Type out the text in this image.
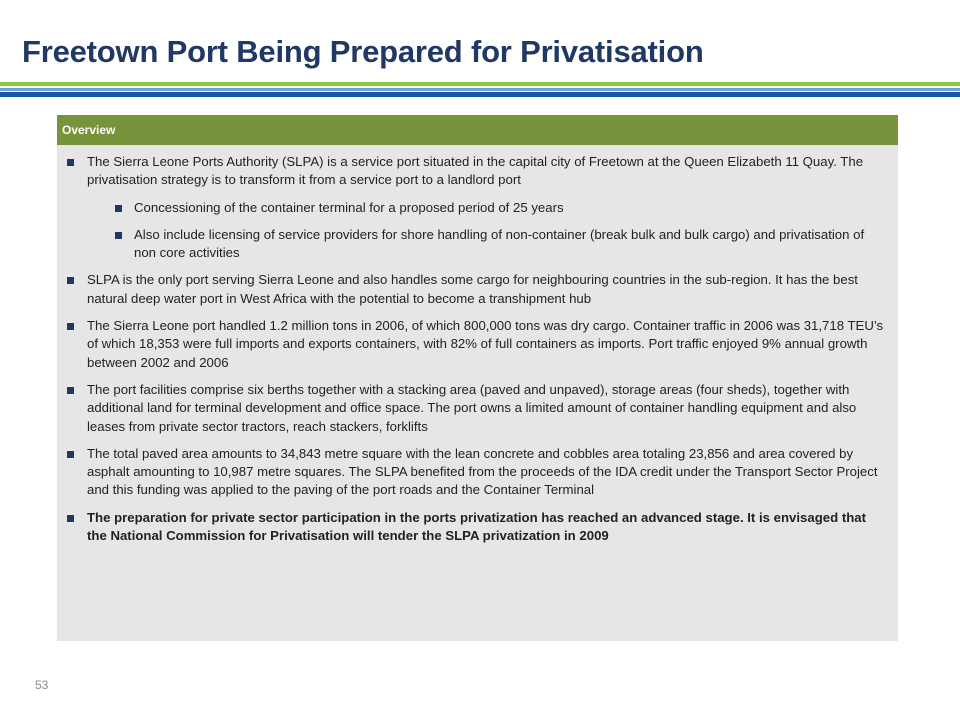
Freetown Port Being Prepared for Privatisation
Overview
The Sierra Leone Ports Authority (SLPA) is a service port situated in the capital city of Freetown at the Queen Elizabeth 11 Quay. The privatisation strategy is to transform it from a service port to a landlord port
Concessioning of the container terminal for a proposed period of 25 years
Also include licensing of service providers for shore handling of non-container (break bulk and bulk cargo) and privatisation of non core activities
SLPA is the only port serving Sierra Leone and also handles some cargo for neighbouring countries in the sub-region. It has the best natural deep water port in West Africa with the potential to become a transhipment hub
The Sierra Leone port handled 1.2 million tons in 2006, of which 800,000 tons was dry cargo. Container traffic in 2006 was 31,718 TEU’s of which 18,353 were full imports and exports containers, with 82% of full containers as imports. Port traffic enjoyed 9% annual growth between 2002 and 2006
The port facilities comprise six berths together with a stacking area (paved and unpaved), storage areas (four sheds), together with additional land for terminal development and office space. The port owns a limited amount of container handling equipment and also leases from private sector tractors, reach stackers, forklifts
The total paved area amounts to 34,843 metre square with the lean concrete and cobbles area totaling 23,856 and area covered by asphalt amounting to 10,987 metre squares. The SLPA benefited from the proceeds of the IDA credit under the Transport Sector Project and this funding was applied to the paving of the port roads and the Container Terminal
The preparation for private sector participation in the ports privatization has reached an advanced stage. It is envisaged that the National Commission for Privatisation will tender the SLPA privatization in 2009
53
